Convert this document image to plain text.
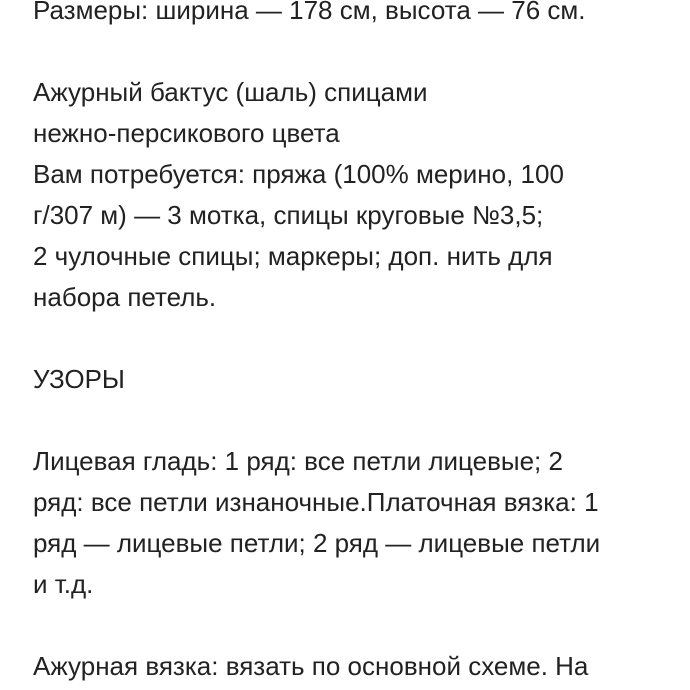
Размеры: ширина — 178 см, высота — 76 см.
Ажурный бактус (шаль) спицами
нежно-персикового цвета
Вам потребуется: пряжа (100% мерино, 100
г/307 м) — 3 мотка, спицы круговые №3,5;
2 чулочные спицы; маркеры; доп. нить для
набора петель.
УЗОРЫ
Лицевая гладь: 1 ряд: все петли лицевые; 2
ряд: все петли изнаночные.Платочная вязка: 1
ряд — лицевые петли; 2 ряд — лицевые петли
и т.д.
Ажурная вязка: вязать по основной схеме. На
